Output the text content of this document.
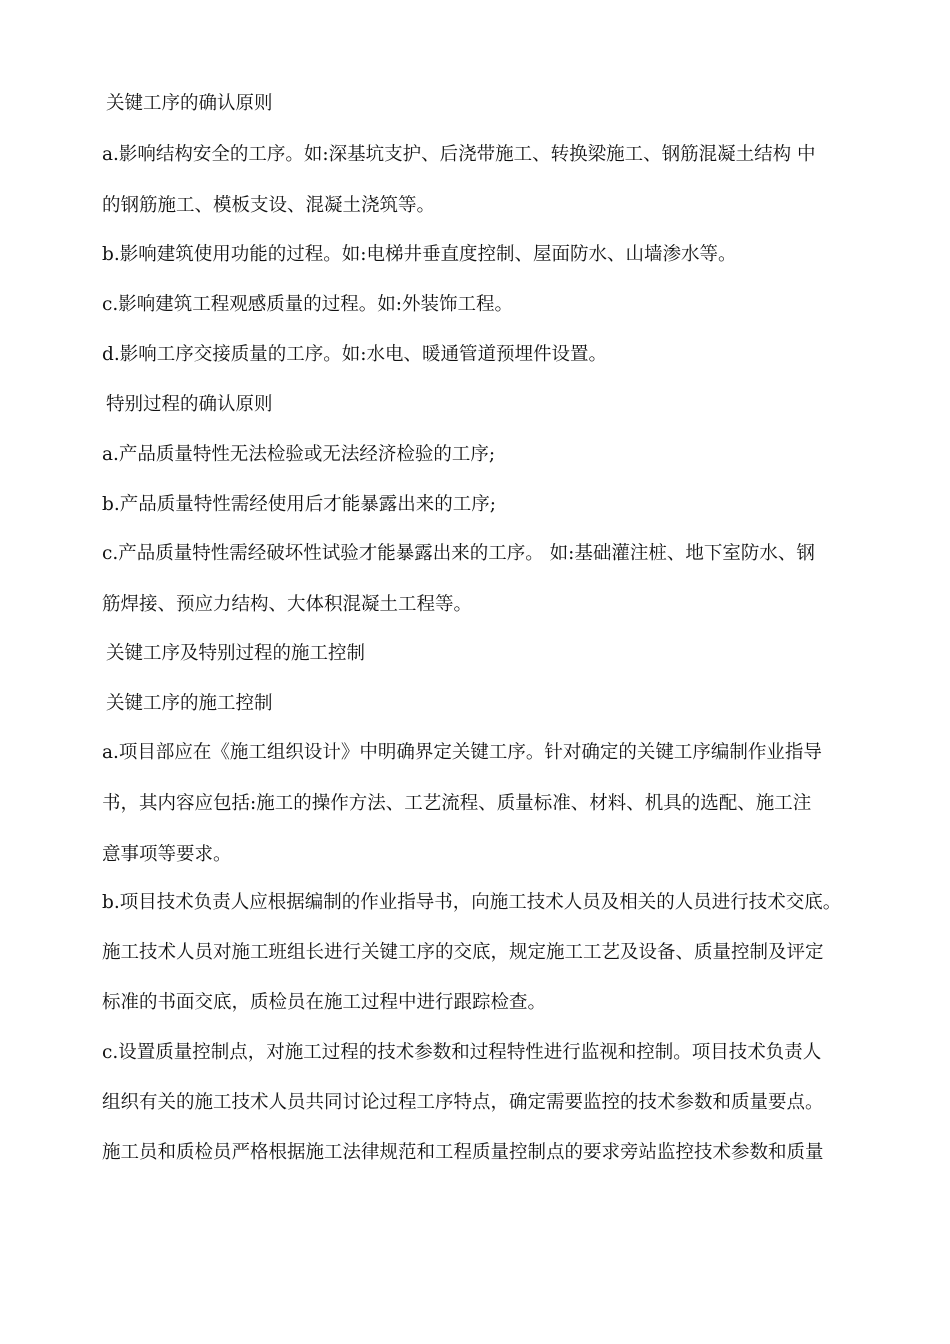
关键工序的确认原则
a.影响结构安全的工序。如:深基坑支护、后浇带施工、转换梁施工、钢筋混凝土结构 中
的钢筋施工、模板支设、混凝土浇筑等。
b.影响建筑使用功能的过程。如:电梯井垂直度控制、屋面防水、山墙渗水等。
c.影响建筑工程观感质量的过程。如:外装饰工程。
d.影响工序交接质量的工序。如:水电、暖通管道预埋件设置。
特别过程的确认原则
a.产品质量特性无法检验或无法经济检验的工序;
b.产品质量特性需经使用后才能暴露出来的工序;
c.产品质量特性需经破坏性试验才能暴露出来的工序。 如:基础灌注桩、地下室防水、钢
筋焊接、预应力结构、大体积混凝土工程等。
关键工序及特别过程的施工控制
关键工序的施工控制
a.项目部应在《施工组织设计》中明确界定关键工序。针对确定的关键工序编制作业指导
书，其内容应包括:施工的操作方法、工艺流程、质量标准、材料、机具的选配、施工注
意事项等要求。
b.项目技术负责人应根据编制的作业指导书，向施工技术人员及相关的人员进行技术交底。
施工技术人员对施工班组长进行关键工序的交底，规定施工工艺及设备、质量控制及评定
标准的书面交底，质检员在施工过程中进行跟踪检查。
c.设置质量控制点，对施工过程的技术参数和过程特性进行监视和控制。项目技术负责人
组织有关的施工技术人员共同讨论过程工序特点，确定需要监控的技术参数和质量要点。
施工员和质检员严格根据施工法律规范和工程质量控制点的要求旁站监控技术参数和质量
